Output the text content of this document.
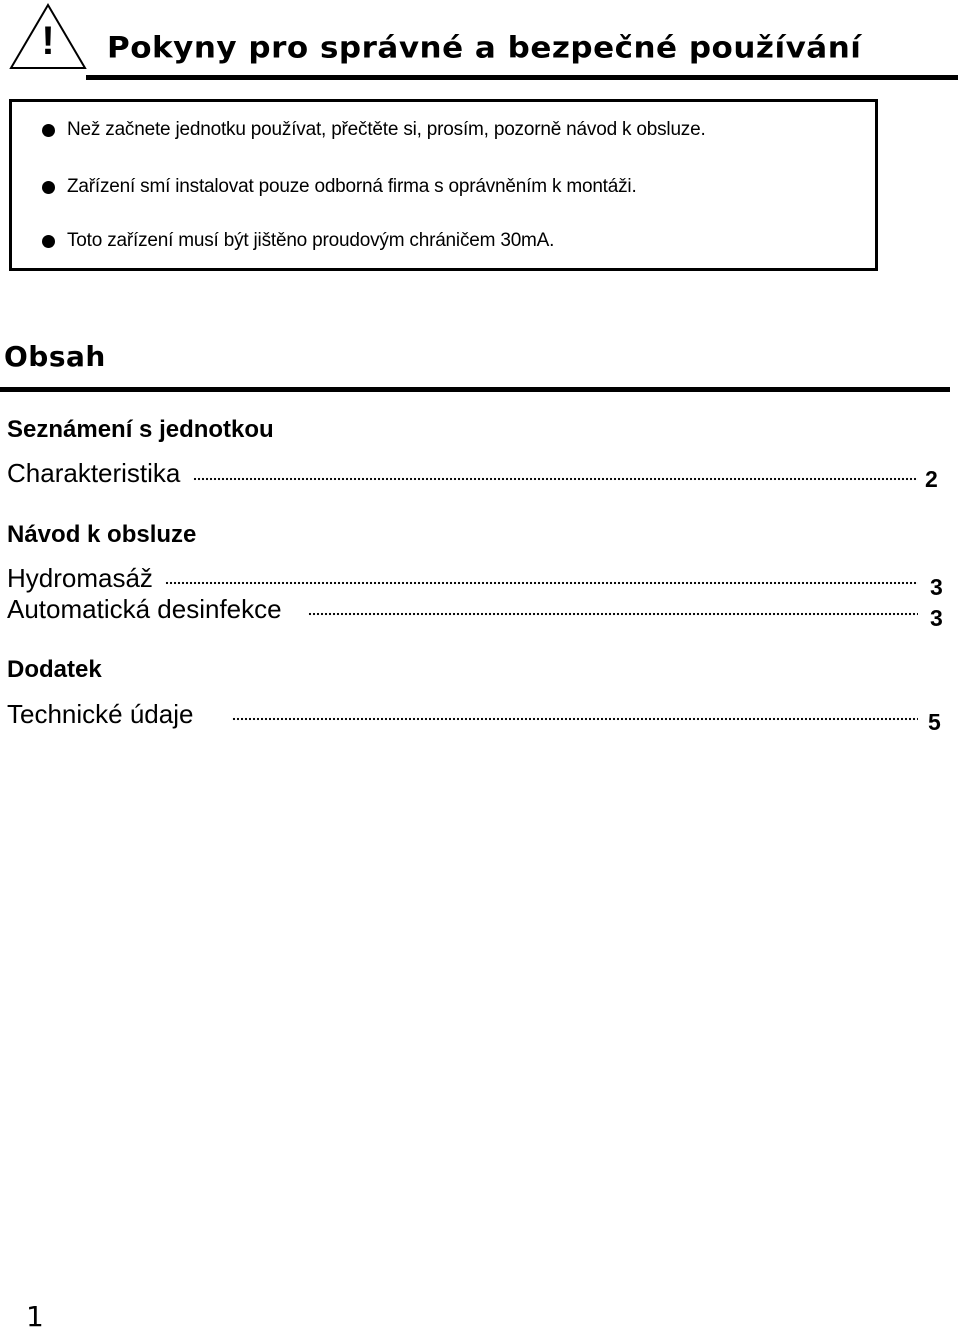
! Pokyny pro správné a bezpečné používání
Než začnete jednotku používat, přečtěte si, prosím, pozorně návod k obsluze.
Zařízení smí instalovat pouze odborná firma s oprávněním k montáži.
Toto zařízení musí být jištěno proudovým chráničem 30mA.
Obsah
Seznámení s jednotkou
Charakteristika	2
Návod k obsluze
Hydromasáž	3
Automatická desinfekce	3
Dodatek
Technické údaje	5
1
